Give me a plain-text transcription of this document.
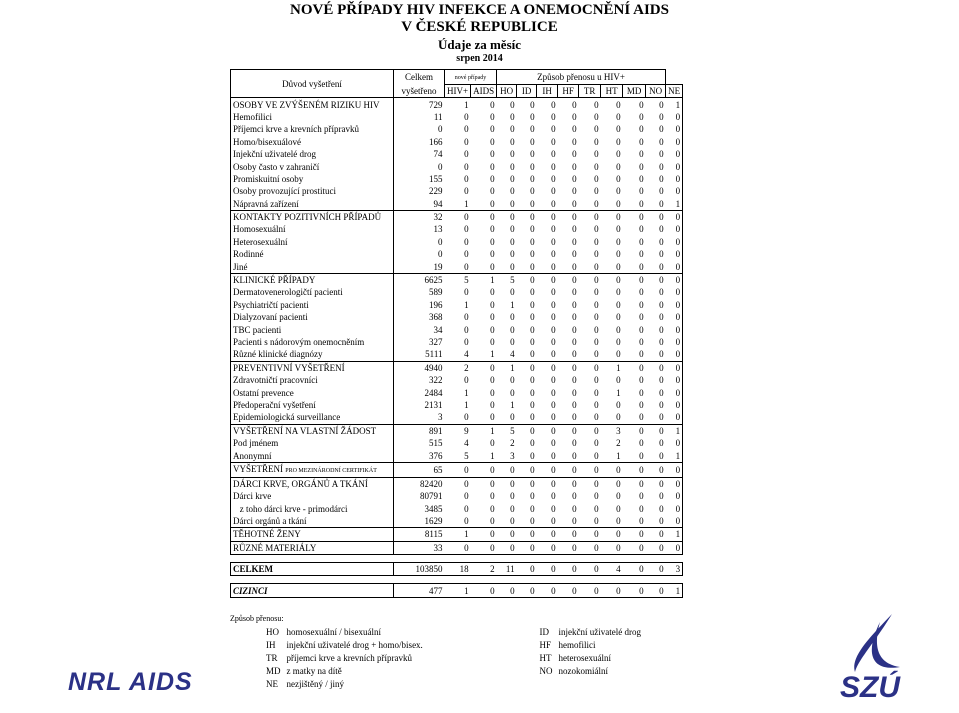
NOVÉ PŘÍPADY HIV INFEKCE A ONEMOCNĚNÍ AIDS
V ČESKÉ REPUBLICE
Údaje za měsíc
srpen 2014
Důvod vyšetření	Celkem	nové případy		Způsob přenosu u HIV+								
	vyšetřeno	HIV+	AIDS	HO	ID	IH	HF	TR	HT	MD	NO	NE
OSOBY VE ZVÝŠENÉM RIZIKU HIV	729	1	0	0	0	0	0	0	0	0	0	1
Hemofilici	11	0	0	0	0	0	0	0	0	0	0	0
Příjemci krve a krevních přípravků	0	0	0	0	0	0	0	0	0	0	0	0
Homo/bisexuálové	166	0	0	0	0	0	0	0	0	0	0	0
Injekční uživatelé drog	74	0	0	0	0	0	0	0	0	0	0	0
Osoby často v zahraničí	0	0	0	0	0	0	0	0	0	0	0	0
Promiskuitní osoby	155	0	0	0	0	0	0	0	0	0	0	0
Osoby provozující prostituci	229	0	0	0	0	0	0	0	0	0	0	0
Nápravná zařízení	94	1	0	0	0	0	0	0	0	0	0	1
KONTAKTY POZITIVNÍCH PŘÍPADŮ	32	0	0	0	0	0	0	0	0	0	0	0
Homosexuální	13	0	0	0	0	0	0	0	0	0	0	0
Heterosexuální	0	0	0	0	0	0	0	0	0	0	0	0
Rodinné	0	0	0	0	0	0	0	0	0	0	0	0
Jiné	19	0	0	0	0	0	0	0	0	0	0	0
KLINICKÉ PŘÍPADY	6625	5	1	5	0	0	0	0	0	0	0	0
Dermatovenerologičtí pacienti	589	0	0	0	0	0	0	0	0	0	0	0
Psychiatričtí pacienti	196	1	0	1	0	0	0	0	0	0	0	0
Dialyzovaní pacienti	368	0	0	0	0	0	0	0	0	0	0	0
TBC pacienti	34	0	0	0	0	0	0	0	0	0	0	0
Pacienti s nádorovým onemocněním	327	0	0	0	0	0	0	0	0	0	0	0
Různé klinické diagnózy	5111	4	1	4	0	0	0	0	0	0	0	0
PREVENTIVNÍ VYŠETŘENÍ	4940	2	0	1	0	0	0	0	1	0	0	0
Zdravotničtí pracovníci	322	0	0	0	0	0	0	0	0	0	0	0
Ostatní prevence	2484	1	0	0	0	0	0	0	1	0	0	0
Předoperační vyšetření	2131	1	0	1	0	0	0	0	0	0	0	0
Epidemiologická surveillance	3	0	0	0	0	0	0	0	0	0	0	0
VYŠETŘENÍ NA VLASTNÍ ŽÁDOST	891	9	1	5	0	0	0	0	3	0	0	1
Pod jménem	515	4	0	2	0	0	0	0	2	0	0	0
Anonymní	376	5	1	3	0	0	0	0	1	0	0	1
VYŠETŘENÍ PRO MEZINÁRODNÍ CERTIFIKÁT	65	0	0	0	0	0	0	0	0	0	0	0
DÁRCI KRVE, ORGÁNŮ A TKÁNÍ	82420	0	0	0	0	0	0	0	0	0	0	0
Dárci krve	80791	0	0	0	0	0	0	0	0	0	0	0
z toho dárci krve - primodárci	3485	0	0	0	0	0	0	0	0	0	0	0
Dárci orgánů a tkání	1629	0	0	0	0	0	0	0	0	0	0	0
TĚHOTNÉ ŽENY	8115	1	0	0	0	0	0	0	0	0	0	1
RŮZNÉ MATERIÁLY	33	0	0	0	0	0	0	0	0	0	0	0

CELKEM	103850	18	2	11	0	0	0	0	4	0	0	3

CIZINCI	477	1	0	0	0	0	0	0	0	0	0	1
Způsob přenosu:
HO	homosexuální / bisexuální	ID	injekční uživatelé drog
IH	injekční uživatelé drog + homo/bisex.	HF	hemofilici
TR	příjemci krve a krevních přípravků	HT	heterosexuální
MD	z matky na dítě	NO	nozokomiální
NE	nezjištěný / jiný		
NRL AIDS	SZÚ
